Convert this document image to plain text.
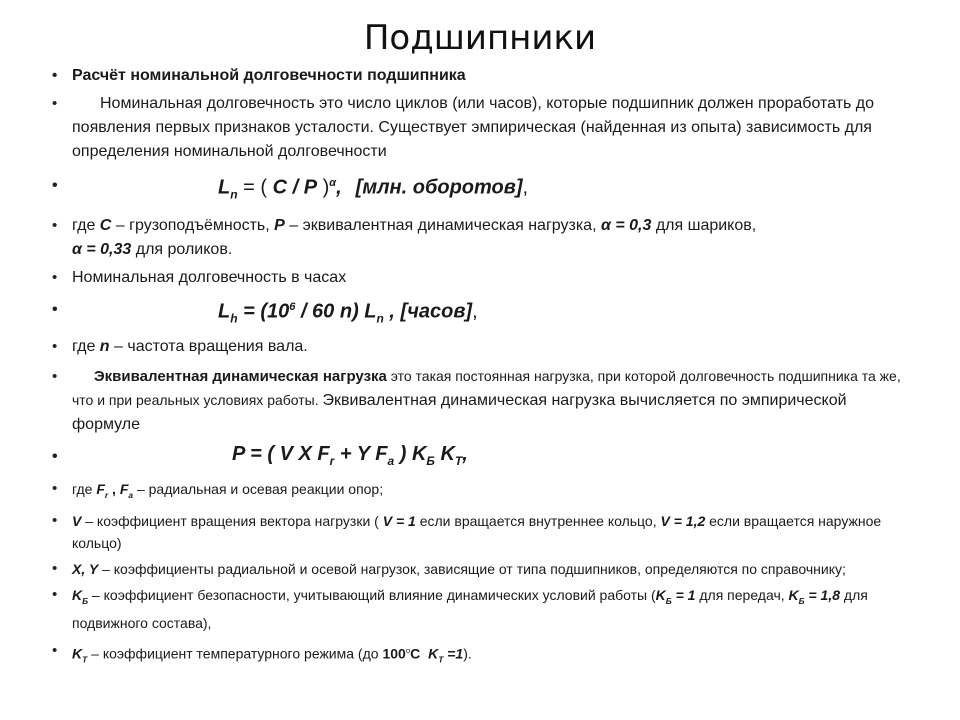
Подшипники
• Расчёт номинальной долговечности подшипника
• Номинальная долговечность это число циклов (или часов), которые подшипник должен проработать до появления первых признаков усталости. Существует эмпирическая (найденная из опыта) зависимость для определения номинальной долговечности
• $L_n$ = ( C / P )$^\alpha$, [млн. оборотов],
• где C – грузоподъёмность, P – эквивалентная динамическая нагрузка, α = 0,3 для шариков,
α = 0,33 для роликов.
• Номинальная долговечность в часах
• $L_h = (10^6 / 60$ n) $L_n$ , [часов],
• где n – частота вращения вала.
• Эквивалентная динамическая нагрузка это такая постоянная нагрузка, при которой долговечность подшипника та же, что и при реальных условиях работы. Эквивалентная динамическая нагрузка вычисляется по эмпирической формуле
• P = ( V X $F_r + Y$ $F_a$ ) $K_Б$ $K_T$,
• где $F_r$ , $F_a$ – радиальная и осевая реакции опор;
• V – коэффициент вращения вектора нагрузки ( V = 1 если вращается внутреннее кольцо, V = 1,2 если вращается наружное кольцо)
• X, Y – коэффициенты радиальной и осевой нагрузок, зависящие от типа подшипников, определяются по справочнику;
• $K_Б$ – коэффициент безопасности, учитывающий влияние динамических условий работы ($K_Б = 1$ для передач, $K_Б = 1,8$ для подвижного состава),
• $K_T$ – коэффициент температурного режима (до 100$^o$С $K_T =1$).
